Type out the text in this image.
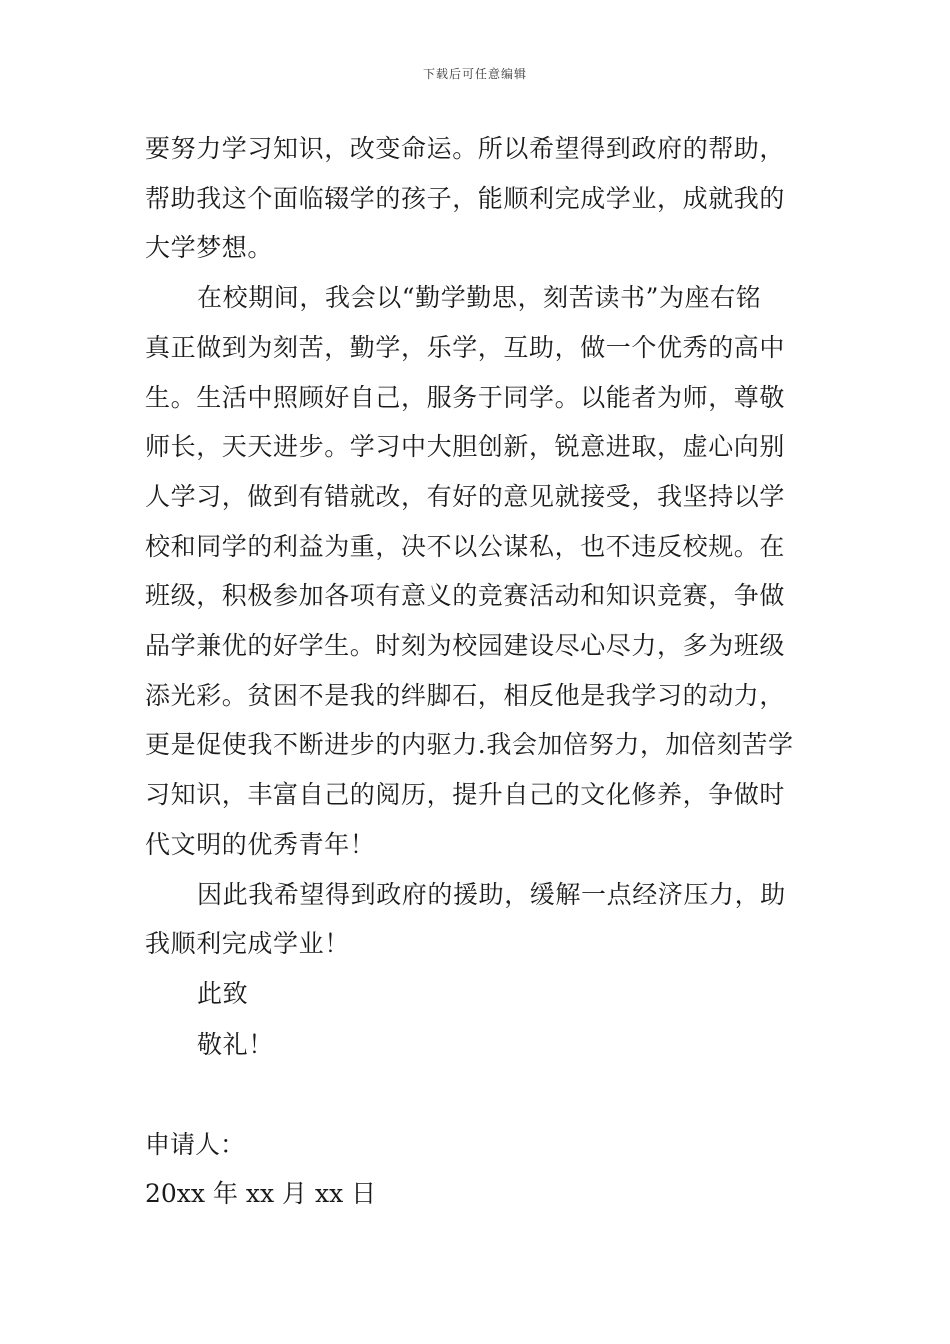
下载后可任意编辑
要努力学习知识，改变命运。所以希望得到政府的帮助，
帮助我这个面临辍学的孩子，能顺利完成学业，成就我的
大学梦想。
在校期间，我会以“勤学勤思，刻苦读书”为座右铭
真正做到为刻苦，勤学，乐学，互助，做一个优秀的高中
生。生活中照顾好自己，服务于同学。以能者为师，尊敬
师长，天天进步。学习中大胆创新，锐意进取，虚心向别
人学习，做到有错就改，有好的意见就接受，我坚持以学
校和同学的利益为重，决不以公谋私，也不违反校规。在
班级，积极参加各项有意义的竞赛活动和知识竞赛，争做
品学兼优的好学生。时刻为校园建设尽心尽力，多为班级
添光彩。贫困不是我的绊脚石，相反他是我学习的动力，
更是促使我不断进步的内驱力.我会加倍努力，加倍刻苦学
习知识，丰富自己的阅历，提升自己的文化修养，争做时
代文明的优秀青年！
因此我希望得到政府的援助，缓解一点经济压力，助
我顺利完成学业！
此致
敬礼！
申请人：
20xx 年 xx 月 xx 日
